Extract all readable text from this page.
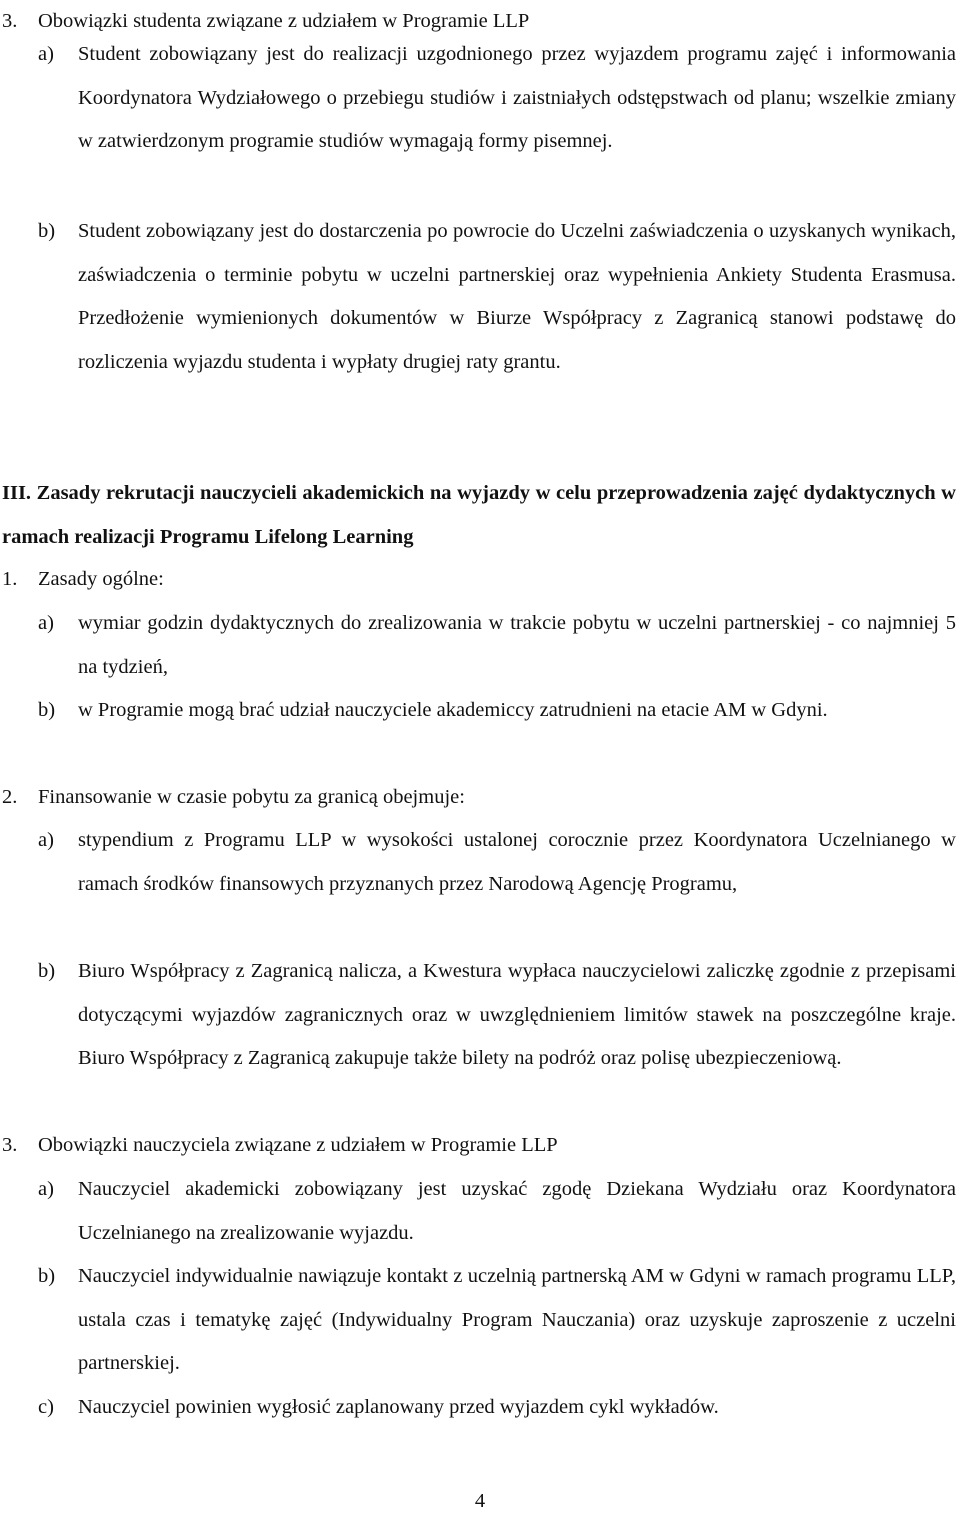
3. Obowiązki studenta związane z udziałem w Programie LLP
a) Student zobowiązany jest do realizacji uzgodnionego przez wyjazdem programu zajęć i informowania Koordynatora Wydziałowego o przebiegu studiów i zaistniałych odstępstwach od planu; wszelkie zmiany w zatwierdzonym programie studiów wymagają formy pisemnej.
b) Student zobowiązany jest do dostarczenia po powrocie do Uczelni zaświadczenia o uzyskanych wynikach, zaświadczenia o terminie pobytu w uczelni partnerskiej oraz wypełnienia Ankiety Studenta Erasmusa. Przedłożenie wymienionych dokumentów w Biurze Współpracy z Zagranicą stanowi podstawę do rozliczenia wyjazdu studenta i wypłaty drugiej raty grantu.
III. Zasady rekrutacji nauczycieli akademickich na wyjazdy w celu przeprowadzenia zajęć dydaktycznych w ramach realizacji Programu Lifelong Learning
1. Zasady ogólne:
a) wymiar godzin dydaktycznych do zrealizowania w trakcie pobytu w uczelni partnerskiej - co najmniej 5 na tydzień,
b) w Programie mogą brać udział nauczyciele akademiccy zatrudnieni na etacie AM w Gdyni.
2. Finansowanie w czasie pobytu za granicą obejmuje:
a) stypendium z Programu LLP w wysokości ustalonej corocznie przez Koordynatora Uczelnianego w ramach środków finansowych przyznanych przez Narodową Agencję Programu,
b) Biuro Współpracy z Zagranicą nalicza, a Kwestura wypłaca nauczycielowi zaliczkę zgodnie z przepisami dotyczącymi wyjazdów zagranicznych oraz w uwzględnieniem limitów stawek na poszczególne kraje. Biuro Współpracy z Zagranicą zakupuje także bilety na podróż oraz polisę ubezpieczeniową.
3. Obowiązki nauczyciela związane z udziałem w Programie LLP
a) Nauczyciel akademicki zobowiązany jest uzyskać zgodę Dziekana Wydziału oraz Koordynatora Uczelnianego na zrealizowanie wyjazdu.
b) Nauczyciel indywidualnie nawiązuje kontakt z uczelnią partnerską AM w Gdyni w ramach programu LLP, ustala czas i tematykę zajęć (Indywidualny Program Nauczania) oraz uzyskuje zaproszenie z uczelni partnerskiej.
c) Nauczyciel powinien wygłosić zaplanowany przed wyjazdem cykl wykładów.
4
